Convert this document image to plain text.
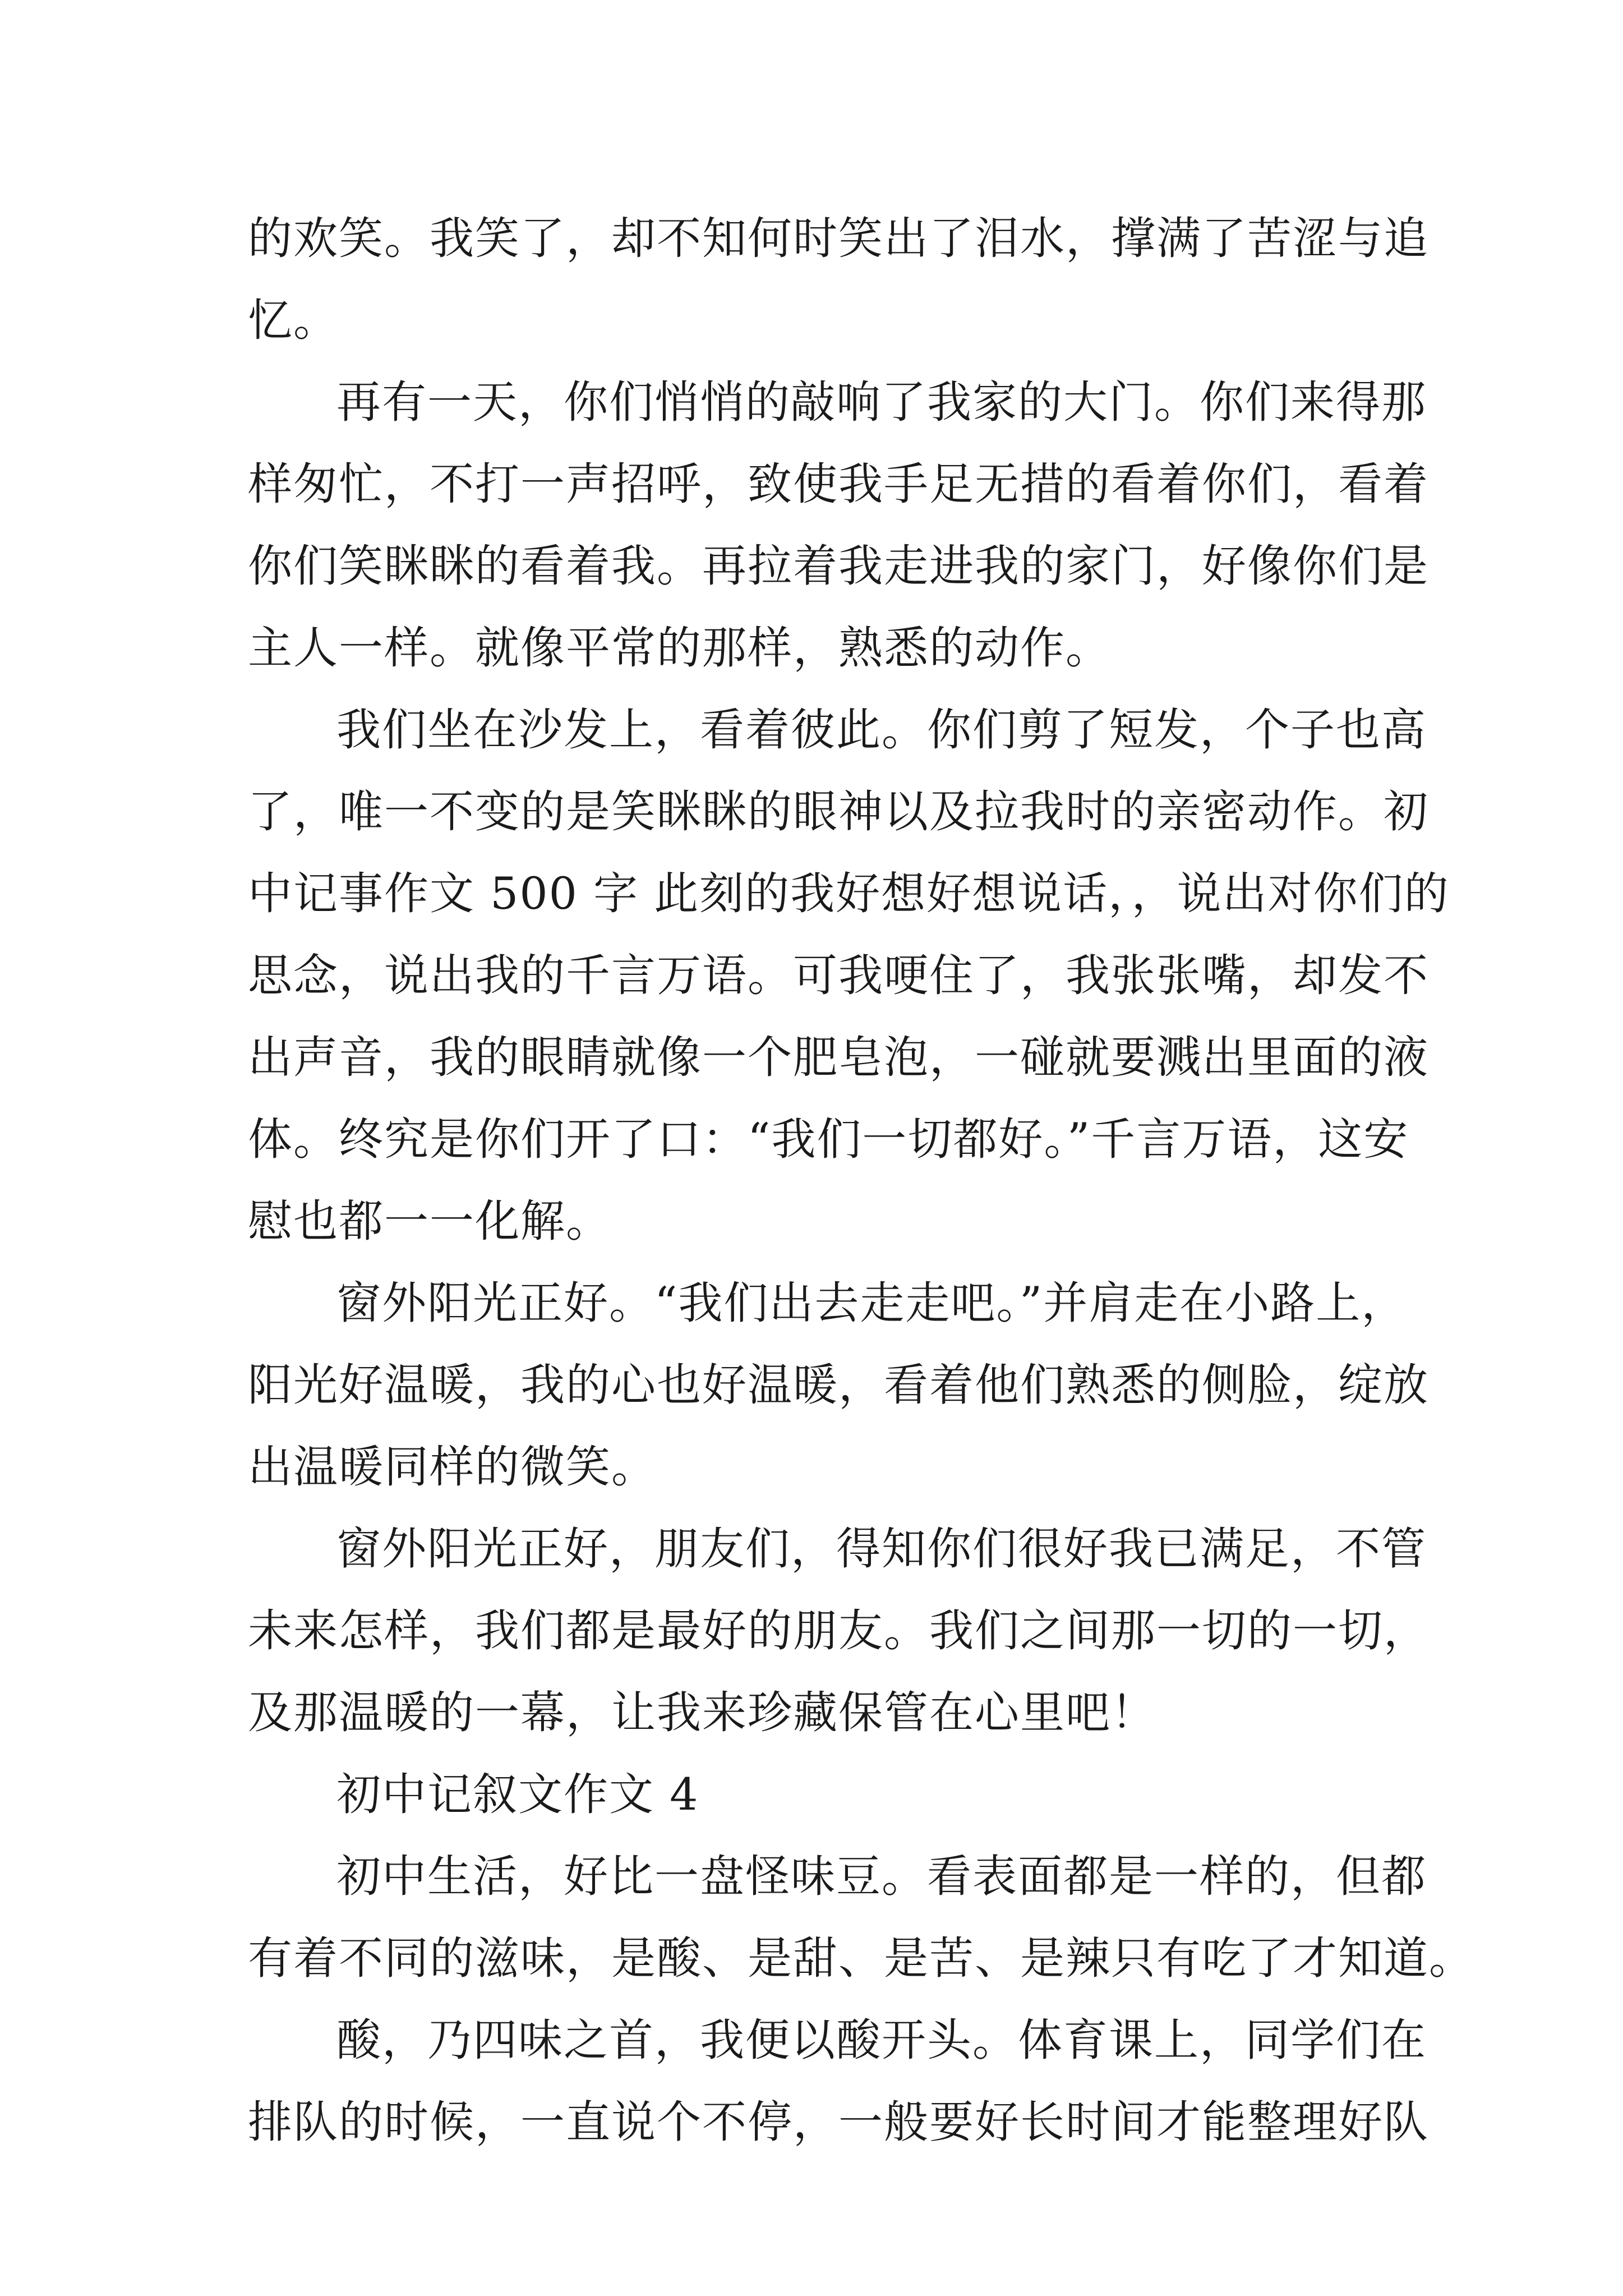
的欢笑。我笑了，却不知何时笑出了泪水，撑满了苦涩与追
忆。
再有一天，你们悄悄的敲响了我家的大门。你们来得那
样匆忙，不打一声招呼，致使我手足无措的看着你们，看着
你们笑眯眯的看着我。再拉着我走进我的家门，好像你们是
主人一样。就像平常的那样，熟悉的动作。
我们坐在沙发上，看着彼此。你们剪了短发，个子也高
了，唯一不变的是笑眯眯的眼神以及拉我时的亲密动作。初
中记事作文 500 字 此刻的我好想好想说话，，说出对你们的
思念，说出我的千言万语。可我哽住了，我张张嘴，却发不
出声音，我的眼睛就像一个肥皂泡，一碰就要溅出里面的液
体。终究是你们开了口：“我们一切都好。”千言万语，这安
慰也都一一化解。
窗外阳光正好。“我们出去走走吧。”并肩走在小路上，
阳光好温暖，我的心也好温暖，看着他们熟悉的侧脸，绽放
出温暖同样的微笑。
窗外阳光正好，朋友们，得知你们很好我已满足，不管
未来怎样，我们都是最好的朋友。我们之间那一切的一切，
及那温暖的一幕，让我来珍藏保管在心里吧！
初中记叙文作文 4
初中生活，好比一盘怪味豆。看表面都是一样的，但都
有着不同的滋味，是酸、是甜、是苦、是辣只有吃了才知道。
酸，乃四味之首，我便以酸开头。体育课上，同学们在
排队的时候，一直说个不停，一般要好长时间才能整理好队
